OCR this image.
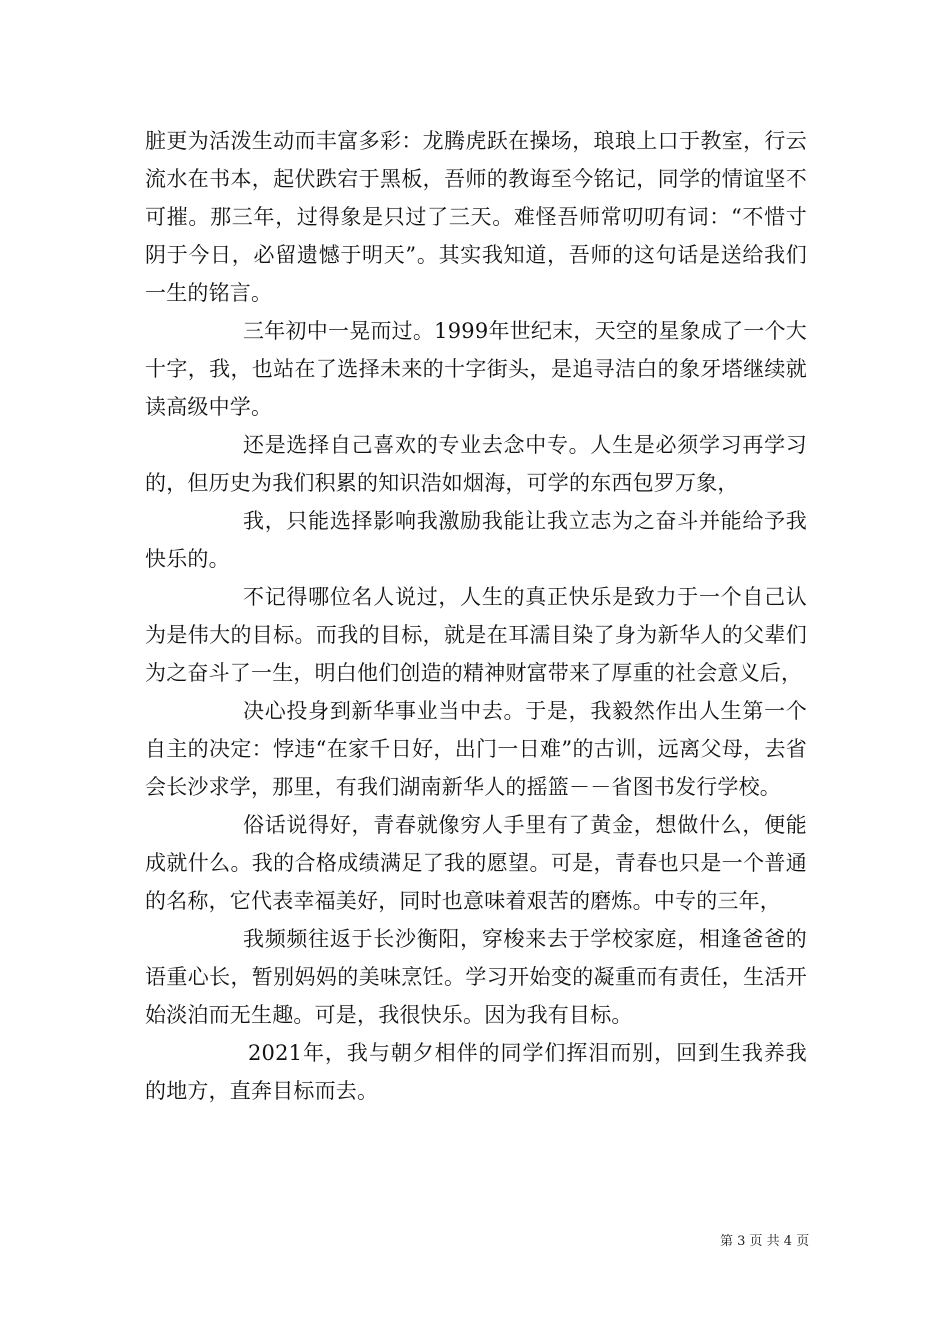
脏更为活泼生动而丰富多彩：龙腾虎跃在操场，琅琅上口于教室，行云流水在书本，起伏跌宕于黑板，吾师的教诲至今铭记，同学的情谊坚不可摧。那三年，过得象是只过了三天。难怪吾师常叨叨有词：“不惜寸阴于今日，必留遗憾于明天”。其实我知道，吾师的这句话是送给我们一生的铭言。

三年初中一晃而过。1999年世纪末，天空的星象成了一个大十字，我，也站在了选择未来的十字街头，是追寻洁白的象牙塔继续就读高级中学。

还是选择自己喜欢的专业去念中专。人生是必须学习再学习的，但历史为我们积累的知识浩如烟海，可学的东西包罗万象，

我，只能选择影响我激励我能让我立志为之奋斗并能给予我快乐的。

不记得哪位名人说过，人生的真正快乐是致力于一个自己认为是伟大的目标。而我的目标，就是在耳濡目染了身为新华人的父辈们为之奋斗了一生，明白他们创造的精神财富带来了厚重的社会意义后，

决心投身到新华事业当中去。于是，我毅然作出人生第一个自主的决定：悖违“在家千日好，出门一日难”的古训，远离父母，去省会长沙求学，那里，有我们湖南新华人的摇篮－－省图书发行学校。

俗话说得好，青春就像穷人手里有了黄金，想做什么，便能成就什么。我的合格成绩满足了我的愿望。可是，青春也只是一个普通的名称，它代表幸福美好，同时也意味着艰苦的磨炼。中专的三年，

我频频往返于长沙衡阳，穿梭来去于学校家庭，相逢爸爸的语重心长，暂别妈妈的美味烹饪。学习开始变的凝重而有责任，生活开始淡泊而无生趣。可是，我很快乐。因为我有目标。

2021年，我与朝夕相伴的同学们挥泪而别，回到生我养我的地方，直奔目标而去。

第 3 页 共 4 页
